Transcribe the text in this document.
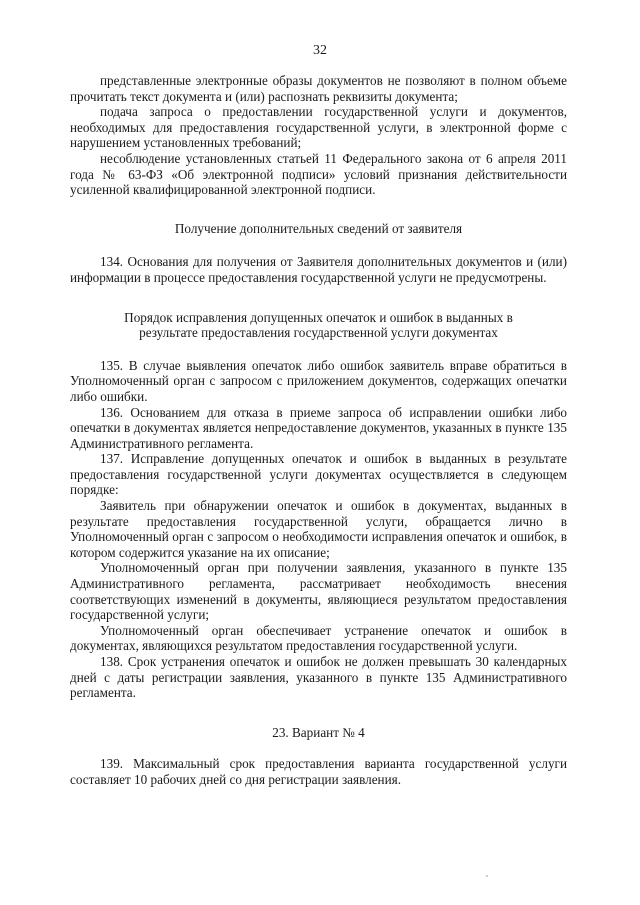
32

представленные электронные образы документов не позволяют в полном объеме прочитать текст документа и (или) распознать реквизиты документа;

подача запроса о предоставлении государственной услуги и документов, необходимых для предоставления государственной услуги, в электронной форме с нарушением установленных требований;

несоблюдение установленных статьей 11 Федерального закона от 6 апреля 2011 года № 63-ФЗ «Об электронной подписи» условий признания действительности усиленной квалифицированной электронной подписи.

Получение дополнительных сведений от заявителя

134. Основания для получения от Заявителя дополнительных документов и (или) информации в процессе предоставления государственной услуги не предусмотрены.

Порядок исправления допущенных опечаток и ошибок в выданных в
результате предоставления государственной услуги документах

135. В случае выявления опечаток либо ошибок заявитель вправе обратиться в Уполномоченный орган с запросом с приложением документов, содержащих опечатки либо ошибки.

136. Основанием для отказа в приеме запроса об исправлении ошибки либо опечатки в документах является непредоставление документов, указанных в пункте 135 Административного регламента.

137. Исправление допущенных опечаток и ошибок в выданных в результате предоставления государственной услуги документах осуществляется в следующем порядке:

Заявитель при обнаружении опечаток и ошибок в документах, выданных в результате предоставления государственной услуги, обращается лично в Уполномоченный орган с запросом о необходимости исправления опечаток и ошибок, в котором содержится указание на их описание;

Уполномоченный орган при получении заявления, указанного в пункте 135 Административного регламента, рассматривает необходимость внесения соответствующих изменений в документы, являющиеся результатом предоставления государственной услуги;

Уполномоченный орган обеспечивает устранение опечаток и ошибок в документах, являющихся результатом предоставления государственной услуги.

138. Срок устранения опечаток и ошибок не должен превышать 30 календарных дней с даты регистрации заявления, указанного в пункте 135 Административного регламента.

23. Вариант № 4

139. Максимальный срок предоставления варианта государственной услуги составляет 10 рабочих дней со дня регистрации заявления.
